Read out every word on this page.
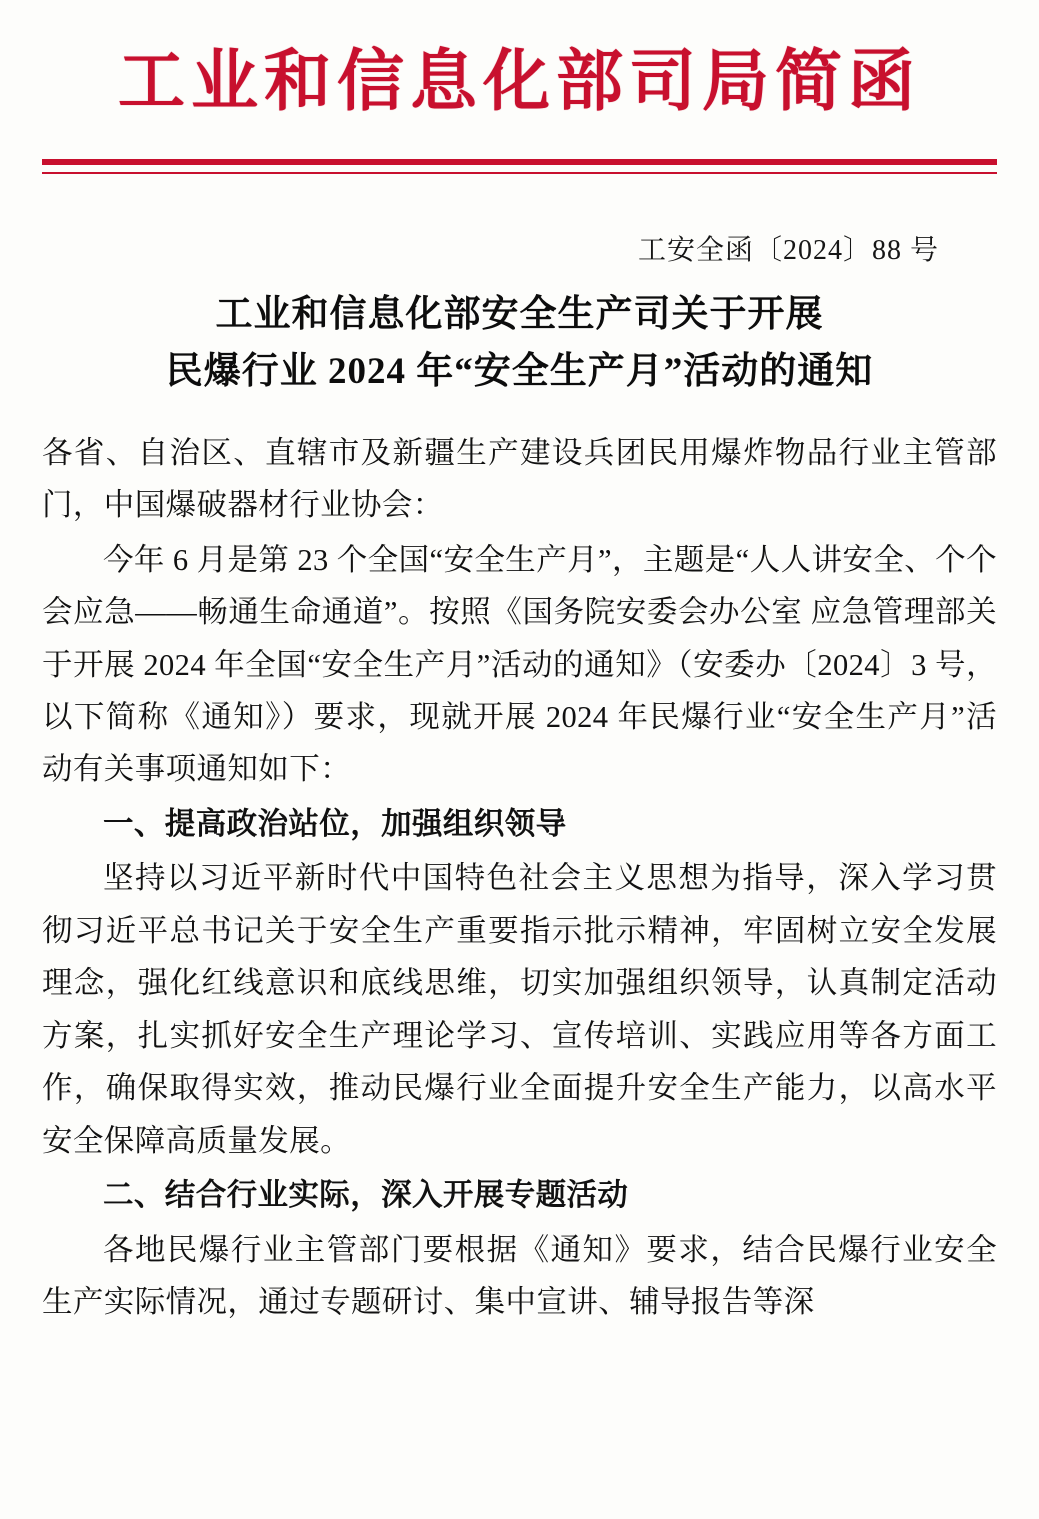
工业和信息化部司局简函
工安全函〔2024〕88 号
工业和信息化部安全生产司关于开展
民爆行业 2024 年“安全生产月”活动的通知

各省、自治区、直辖市及新疆生产建设兵团民用爆炸物品行业主管部门，中国爆破器材行业协会：

今年 6 月是第 23 个全国“安全生产月”，主题是“人人讲安全、个个会应急——畅通生命通道”。按照《国务院安委会办公室 应急管理部关于开展 2024 年全国“安全生产月”活动的通知》（安委办〔2024〕3 号，以下简称《通知》）要求，现就开展 2024 年民爆行业“安全生产月”活动有关事项通知如下：

一、提高政治站位，加强组织领导

坚持以习近平新时代中国特色社会主义思想为指导，深入学习贯彻习近平总书记关于安全生产重要指示批示精神，牢固树立安全发展理念，强化红线意识和底线思维，切实加强组织领导，认真制定活动方案，扎实抓好安全生产理论学习、宣传培训、实践应用等各方面工作，确保取得实效，推动民爆行业全面提升安全生产能力，以高水平安全保障高质量发展。

二、结合行业实际，深入开展专题活动

各地民爆行业主管部门要根据《通知》要求，结合民爆行业安全生产实际情况，通过专题研讨、集中宣讲、辅导报告等深
